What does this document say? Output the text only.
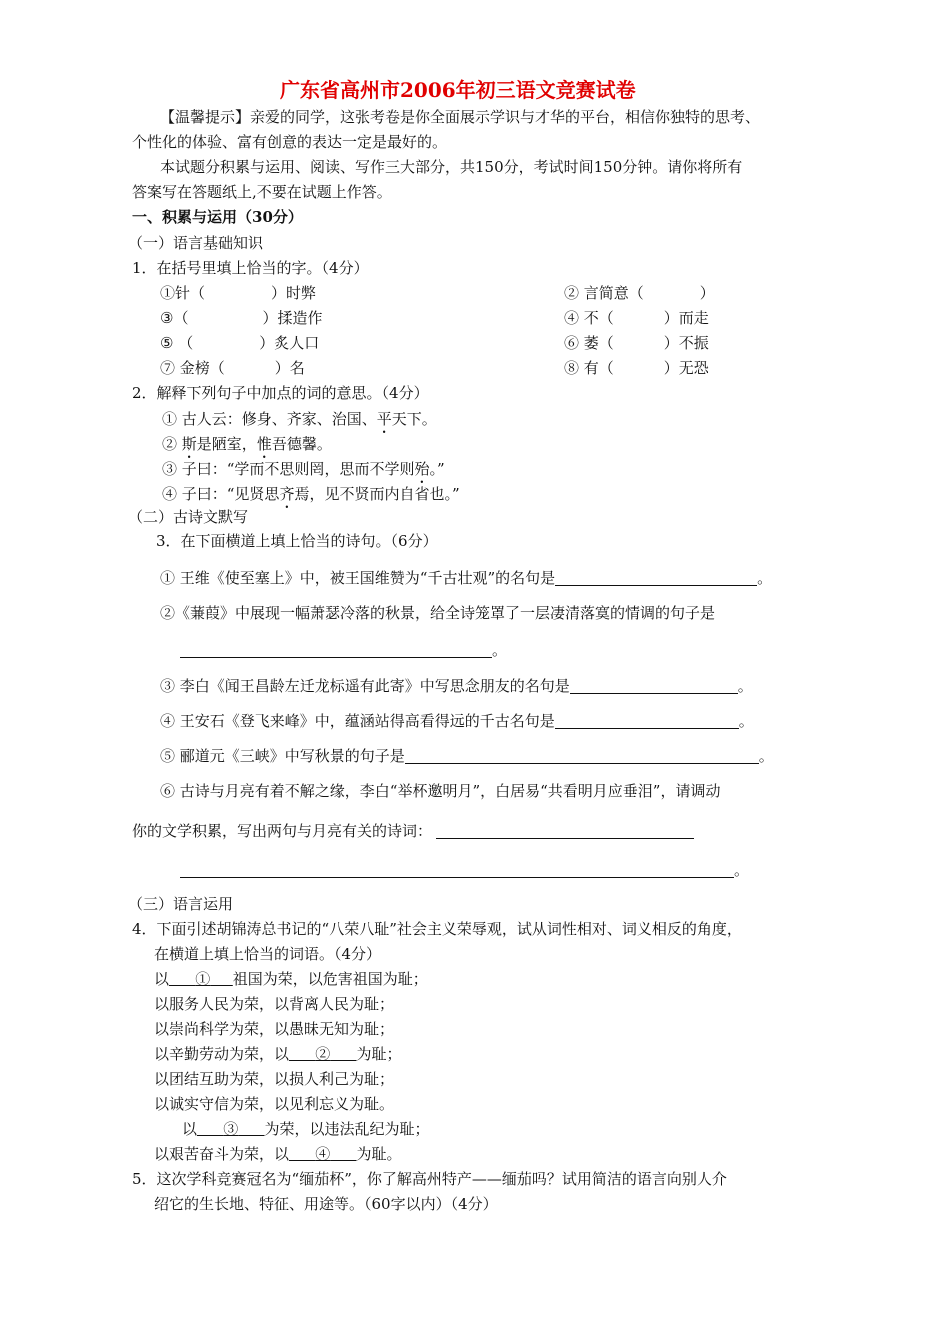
广东省高州市2006年初三语文竞赛试卷
【温馨提示】亲爱的同学，这张考卷是你全面展示学识与才华的平台，相信你独特的思考、
个性化的体验、富有创意的表达一定是最好的。
本试题分积累与运用、阅读、写作三大部分，共150分，考试时间150分钟。请你将所有
答案写在答题纸上,不要在试题上作答。
一、积累与运用（30分）
（一）语言基础知识
1．在括号里填上恰当的字。（4分）
①针（	）时弊	② 言简意（	）
③（	）揉造作	④ 不（	）而走
⑤ （	）炙人口	⑥ 萎（	）不振
⑦ 金榜（	）名	⑧ 有（	）无恐
2．解释下列句子中加点的词的意思。（4分）
① 古人云：修身、齐家、治国、平天下。
② 斯是陋室，惟吾德馨。
③ 子曰：“学而不思则罔，思而不学则殆。”
④ 子曰：“见贤思齐焉，见不贤而内自省也。”
（二）古诗文默写
3．在下面横道上填上恰当的诗句。（6分）
① 王维《使至塞上》中，被王国维赞为“千古壮观”的名句是	。
②《蒹葭》中展现一幅萧瑟冷落的秋景，给全诗笼罩了一层凄清落寞的情调的句子是
。
③ 李白《闻王昌龄左迁龙标遥有此寄》中写思念朋友的名句是	。
④ 王安石《登飞来峰》中，蕴涵站得高看得远的千古名句是	。
⑤ 郦道元《三峡》中写秋景的句子是	。
⑥ 古诗与月亮有着不解之缘，李白“举杯邀明月”，白居易“共看明月应垂泪”，请调动
你的文学积累，写出两句与月亮有关的诗词：
。
（三）语言运用
4．下面引述胡锦涛总书记的“八荣八耻”社会主义荣辱观，试从词性相对、词义相反的角度，
在横道上填上恰当的词语。（4分）
以    ①   祖国为荣，以危害祖国为耻；
以服务人民为荣，以背离人民为耻；
以崇尚科学为荣，以愚昧无知为耻；
以辛勤劳动为荣，以    ②    为耻；
以团结互助为荣，以损人利己为耻；
以诚实守信为荣，以见利忘义为耻。
以    ③    为荣，以违法乱纪为耻；
以艰苦奋斗为荣，以    ④    为耻。
5．这次学科竞赛冠名为“缅茄杯”，你了解高州特产——缅茄吗？试用简洁的语言向别人介
绍它的生长地、特征、用途等。（60字以内）（4分）
